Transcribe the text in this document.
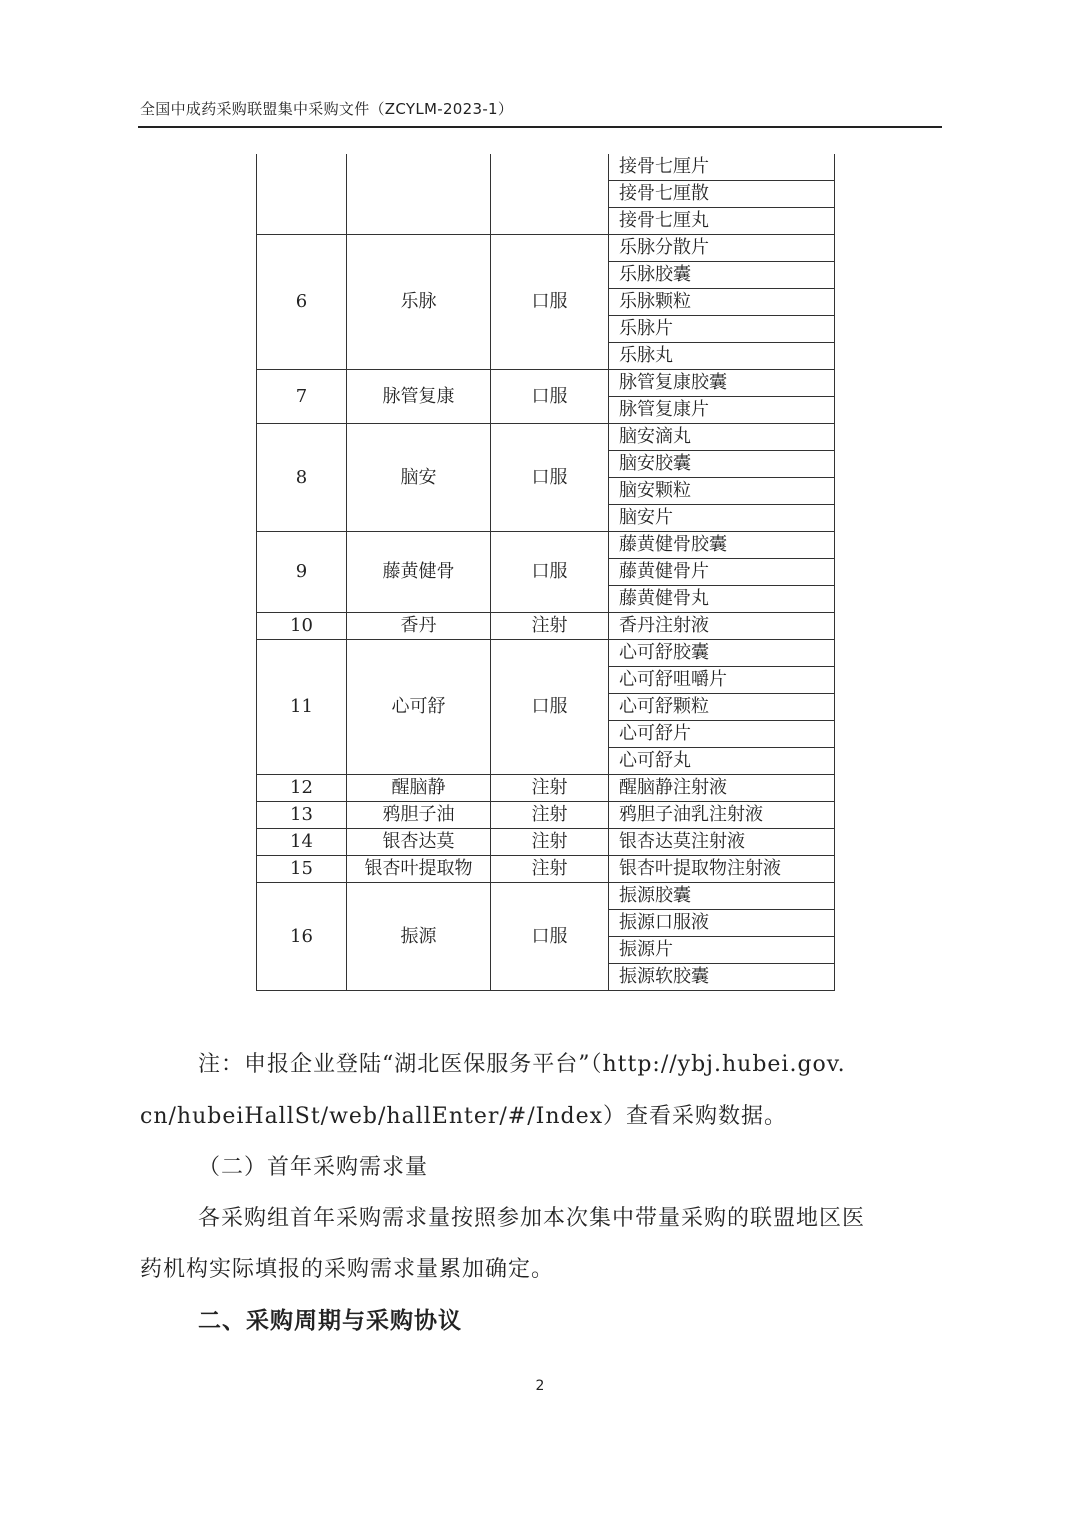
全国中成药采购联盟集中采购文件（ZCYLM-2023-1）
			接骨七厘片
			接骨七厘散
			接骨七厘丸
6	乐脉	口服	乐脉分散片
			乐脉胶囊
			乐脉颗粒
			乐脉片
			乐脉丸
7	脉管复康	口服	脉管复康胶囊
			脉管复康片
8	脑安	口服	脑安滴丸
			脑安胶囊
			脑安颗粒
			脑安片
9	藤黄健骨	口服	藤黄健骨胶囊
			藤黄健骨片
			藤黄健骨丸
10	香丹	注射	香丹注射液
11	心可舒	口服	心可舒胶囊
			心可舒咀嚼片
			心可舒颗粒
			心可舒片
			心可舒丸
12	醒脑静	注射	醒脑静注射液
13	鸦胆子油	注射	鸦胆子油乳注射液
14	银杏达莫	注射	银杏达莫注射液
15	银杏叶提取物	注射	银杏叶提取物注射液
16	振源	口服	振源胶囊
			振源口服液
			振源片
			振源软胶囊
注：申报企业登陆“湖北医保服务平台”（http://ybj.hubei.gov.
cn/hubeiHallSt/web/hallEnter/#/Index）查看采购数据。
（二）首年采购需求量
各采购组首年采购需求量按照参加本次集中带量采购的联盟地区医
药机构实际填报的采购需求量累加确定。
二、采购周期与采购协议
2
